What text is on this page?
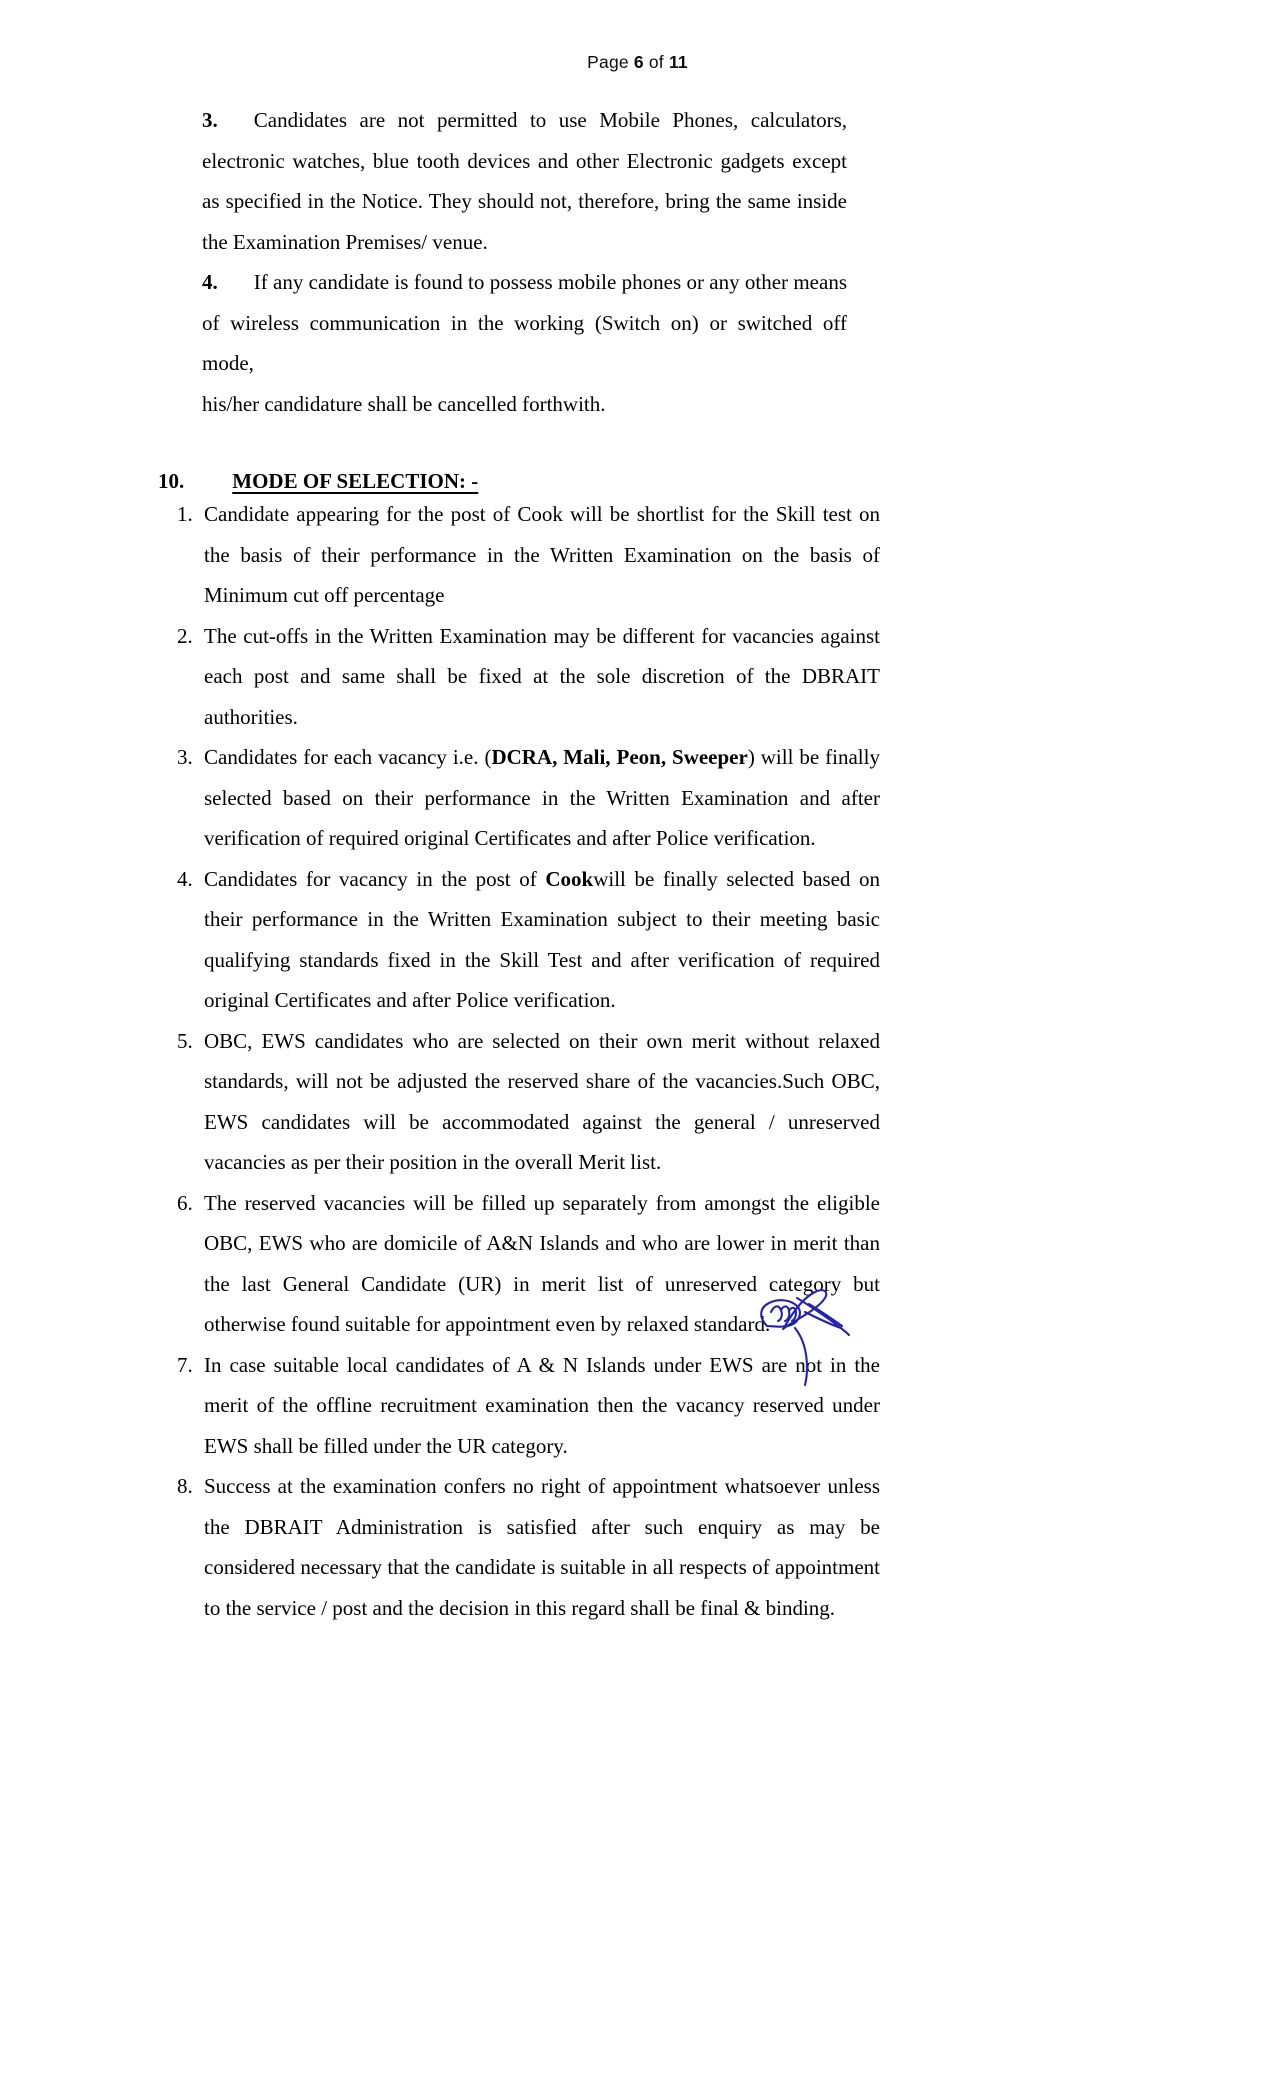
Page 6 of 11

3. Candidates are not permitted to use Mobile Phones, calculators, electronic watches, blue tooth devices and other Electronic gadgets except as specified in the Notice. They should not, therefore, bring the same inside the Examination Premises/ venue.

4. If any candidate is found to possess mobile phones or any other means of wireless communication in the working (Switch on) or switched off mode,

his/her candidature shall be cancelled forthwith.

10. MODE OF SELECTION: -
1. Candidate appearing for the post of Cook will be shortlist for the Skill test on the basis of their performance in the Written Examination on the basis of Minimum cut off percentage
2. The cut-offs in the Written Examination may be different for vacancies against each post and same shall be fixed at the sole discretion of the DBRAIT authorities.
3. Candidates for each vacancy i.e. (DCRA, Mali, Peon, Sweeper) will be finally selected based on their performance in the Written Examination and after verification of required original Certificates and after Police verification.
4. Candidates for vacancy in the post of Cookwill be finally selected based on their performance in the Written Examination subject to their meeting basic qualifying standards fixed in the Skill Test and after verification of required original Certificates and after Police verification.
5. OBC, EWS candidates who are selected on their own merit without relaxed standards, will not be adjusted the reserved share of the vacancies.Such OBC, EWS candidates will be accommodated against the general / unreserved vacancies as per their position in the overall Merit list.
6. The reserved vacancies will be filled up separately from amongst the eligible OBC, EWS who are domicile of A&N Islands and who are lower in merit than the last General Candidate (UR) in merit list of unreserved category but otherwise found suitable for appointment even by relaxed standard.
7. In case suitable local candidates of A & N Islands under EWS are not in the merit of the offline recruitment examination then the vacancy reserved under EWS shall be filled under the UR category.
8. Success at the examination confers no right of appointment whatsoever unless the DBRAIT Administration is satisfied after such enquiry as may be considered necessary that the candidate is suitable in all respects of appointment to the service / post and the decision in this regard shall be final & binding.
